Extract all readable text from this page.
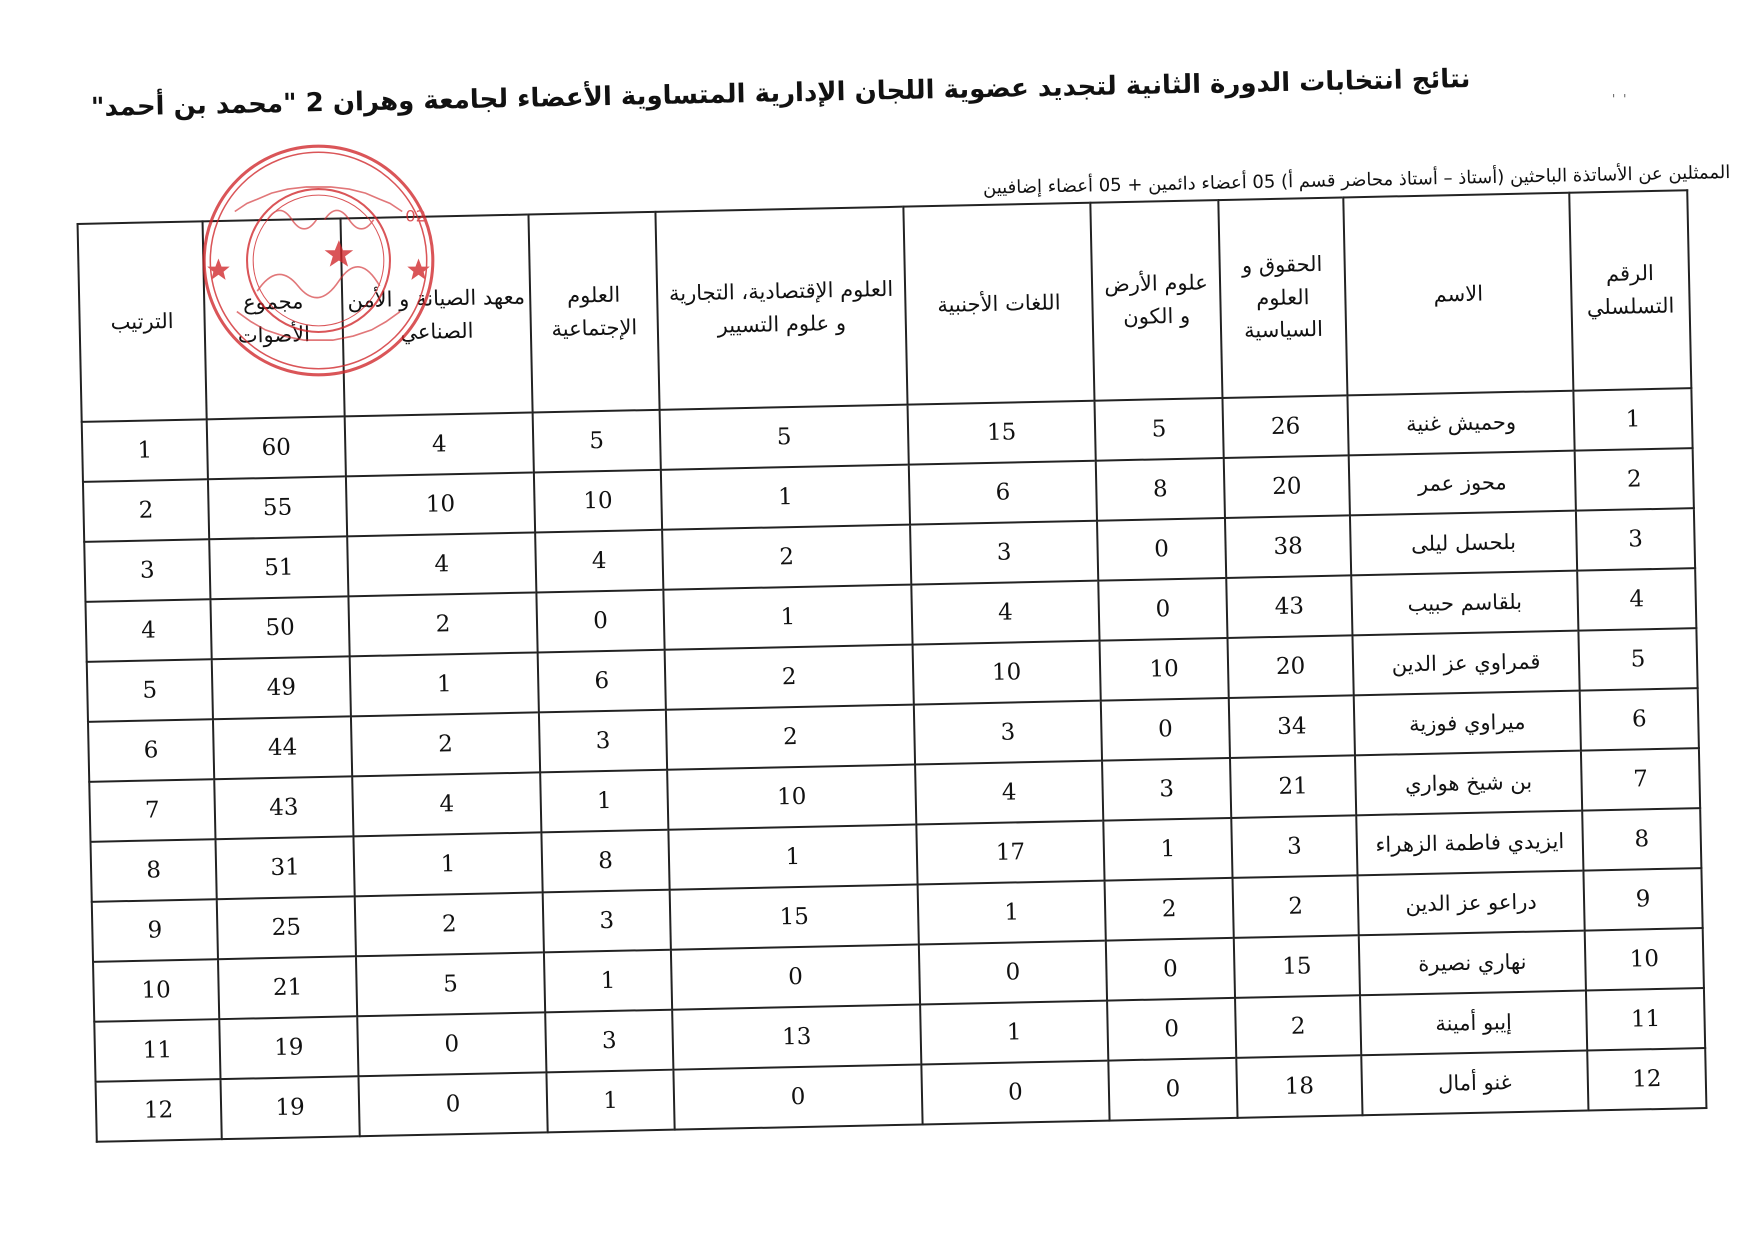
' '
نتائج انتخابات الدورة الثانية لتجديد عضوية اللجان الإدارية المتساوية الأعضاء لجامعة وهران 2 "محمد بن أحمد"
الممثلين عن الأساتذة الباحثين (أستاذ – أستاذ محاضر قسم أ) 05 أعضاء دائمين + 05 أعضاء إضافيين
الرقم التسلسلي	الاسم	الحقوق و العلوم السياسية	علوم الأرض و الكون	اللغات الأجنبية	العلوم الإقتصادية، التجارية و علوم التسيير	العلوم الإجتماعية	معهد الصيانة و الأمن الصناعي	مجموع الأصوات	الترتيب
1	وحميش غنية	26	5	15	5	5	4	60	1
2	محوز عمر	20	8	6	1	10	10	55	2
3	بلحسل ليلى	38	0	3	2	4	4	51	3
4	بلقاسم حبيب	43	0	4	1	0	2	50	4
5	قمراوي عز الدين	20	10	10	2	6	1	49	5
6	ميراوي فوزية	34	0	3	2	3	2	44	6
7	بن شيخ هواري	21	3	4	10	1	4	43	7
8	ايزيدي فاطمة الزهراء	3	1	17	1	8	1	31	8
9	دراعو عز الدين	2	2	1	15	3	2	25	9
10	نهاري نصيرة	15	0	0	0	1	5	21	10
11	إيبو أمينة	2	0	1	13	3	0	19	11
12	غنو أمال	18	0	0	0	1	0	19	12
02
